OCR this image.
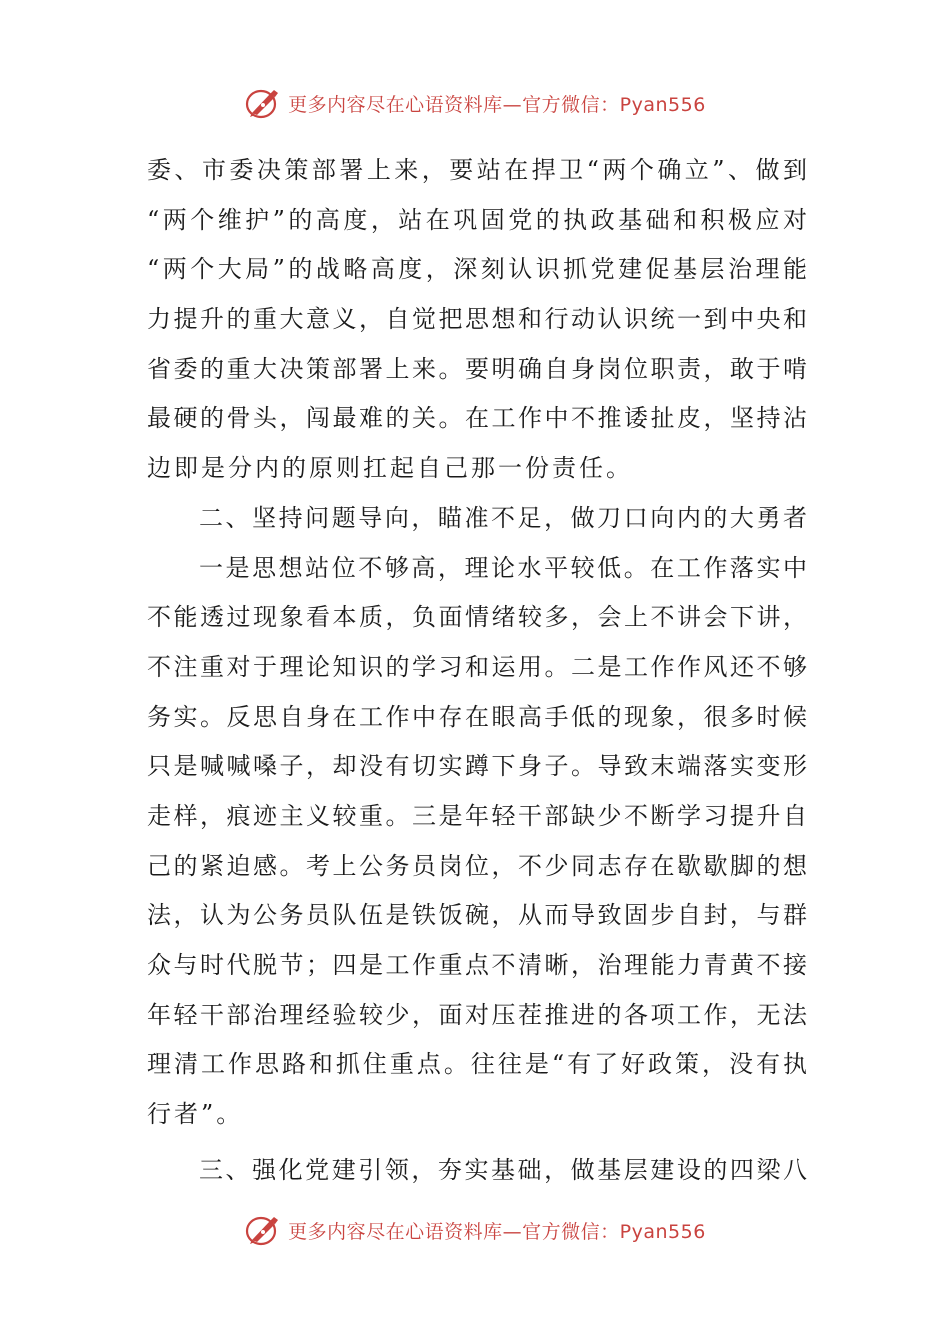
更多内容尽在心语资料库—官方微信：Pyan556
委、市委决策部署上来，要站在捍卫“两个确立”、做到
“两个维护”的高度，站在巩固党的执政基础和积极应对
“两个大局”的战略高度，深刻认识抓党建促基层治理能
力提升的重大意义，自觉把思想和行动认识统一到中央和
省委的重大决策部署上来。要明确自身岗位职责，敢于啃
最硬的骨头，闯最难的关。在工作中不推诿扯皮，坚持沾
边即是分内的原则扛起自己那一份责任。
二、坚持问题导向，瞄准不足，做刀口向内的大勇者
一是思想站位不够高，理论水平较低。在工作落实中
不能透过现象看本质，负面情绪较多，会上不讲会下讲，
不注重对于理论知识的学习和运用。二是工作作风还不够
务实。反思自身在工作中存在眼高手低的现象，很多时候
只是喊喊嗓子，却没有切实蹲下身子。导致末端落实变形
走样，痕迹主义较重。三是年轻干部缺少不断学习提升自
己的紧迫感。考上公务员岗位，不少同志存在歇歇脚的想
法，认为公务员队伍是铁饭碗，从而导致固步自封，与群
众与时代脱节；四是工作重点不清晰，治理能力青黄不接
年轻干部治理经验较少，面对压茬推进的各项工作，无法
理清工作思路和抓住重点。往往是“有了好政策，没有执
行者”。
三、强化党建引领，夯实基础，做基层建设的四梁八
更多内容尽在心语资料库—官方微信：Pyan556
